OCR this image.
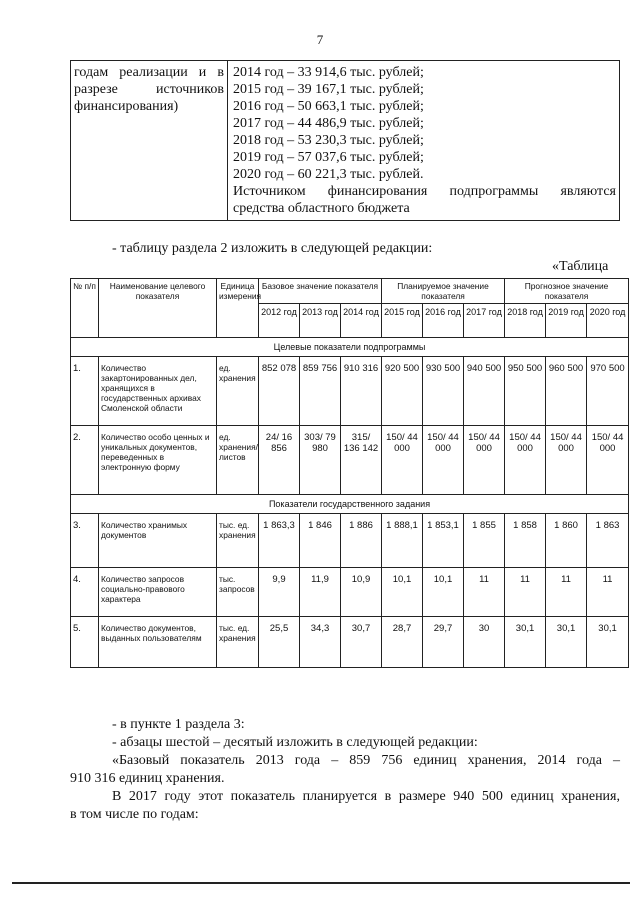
7
годам реализации и в разрезе источников финансирования)	
2014 год – 33 914,6 тыс. рублей;
2015 год – 39 167,1 тыс. рублей;
2016 год – 50 663,1 тыс. рублей;
2017 год – 44 486,9 тыс. рублей;
2018 год – 53 230,3 тыс. рублей;
2019 год – 57 037,6 тыс. рублей;
2020 год – 60 221,3 тыс. рублей.
Источником финансирования подпрограммы являются
средства областного бюджета
- таблицу раздела 2 изложить в следующей редакции:
«Таблица
№ п/п	Наименование целевого показателя	Единица измерения	Базовое значение показателя			Планируемое значение показателя			Прогнозное значение показателя		
			2012 год	2013 год	2014 год	2015 год	2016 год	2017 год	2018 год	2019 год	2020 год
Целевые показатели подпрограммы											
1.	Количество закартонированных дел, хранящихся в государственных архивах Смоленской области	ед. хранения	852 078	859 756	910 316	920 500	930 500	940 500	950 500	960 500	970 500
2.	Количество особо ценных и уникальных документов, переведенных в электронную форму	ед. хранения/ листов	24/ 16 856	303/ 79 980	315/ 136 142	150/ 44 000	150/ 44 000	150/ 44 000	150/ 44 000	150/ 44 000	150/ 44 000
Показатели государственного задания											
3.	Количество хранимых документов	тыс. ед. хранения	1 863,3	1 846	1 886	1 888,1	1 853,1	1 855	1 858	1 860	1 863
4.	Количество запросов социально-правового характера	тыс. запросов	9,9	11,9	10,9	10,1	10,1	11	11	11	11
5.	Количество документов, выданных пользователям	тыс. ед. хранения	25,5	34,3	30,7	28,7	29,7	30	30,1	30,1	30,1
- в пункте 1 раздела 3:
- абзацы шестой – десятый изложить в следующей редакции:
«Базовый показатель 2013 года – 859 756 единиц хранения, 2014 года –
910 316 единиц хранения.
В 2017 году этот показатель планируется в размере 940 500 единиц хранения,
в том числе по годам:
